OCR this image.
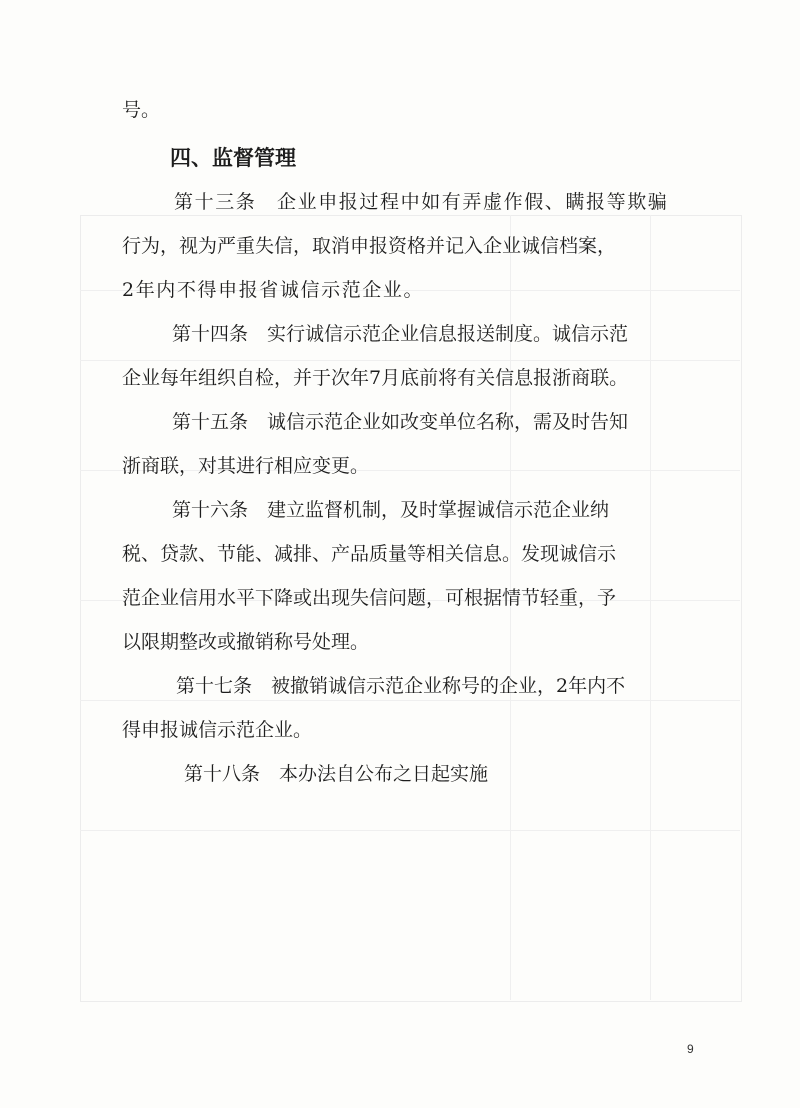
号。
四、监督管理
第十三条　企业申报过程中如有弄虚作假、瞒报等欺骗
行为，视为严重失信，取消申报资格并记入企业诚信档案，
2年内不得申报省诚信示范企业。
第十四条　实行诚信示范企业信息报送制度。诚信示范
企业每年组织自检，并于次年7月底前将有关信息报浙商联。
第十五条　诚信示范企业如改变单位名称，需及时告知
浙商联，对其进行相应变更。
第十六条　建立监督机制，及时掌握诚信示范企业纳
税、贷款、节能、减排、产品质量等相关信息。发现诚信示
范企业信用水平下降或出现失信问题，可根据情节轻重，予
以限期整改或撤销称号处理。
第十七条　被撤销诚信示范企业称号的企业，2年内不
得申报诚信示范企业。
第十八条　本办法自公布之日起实施
9
